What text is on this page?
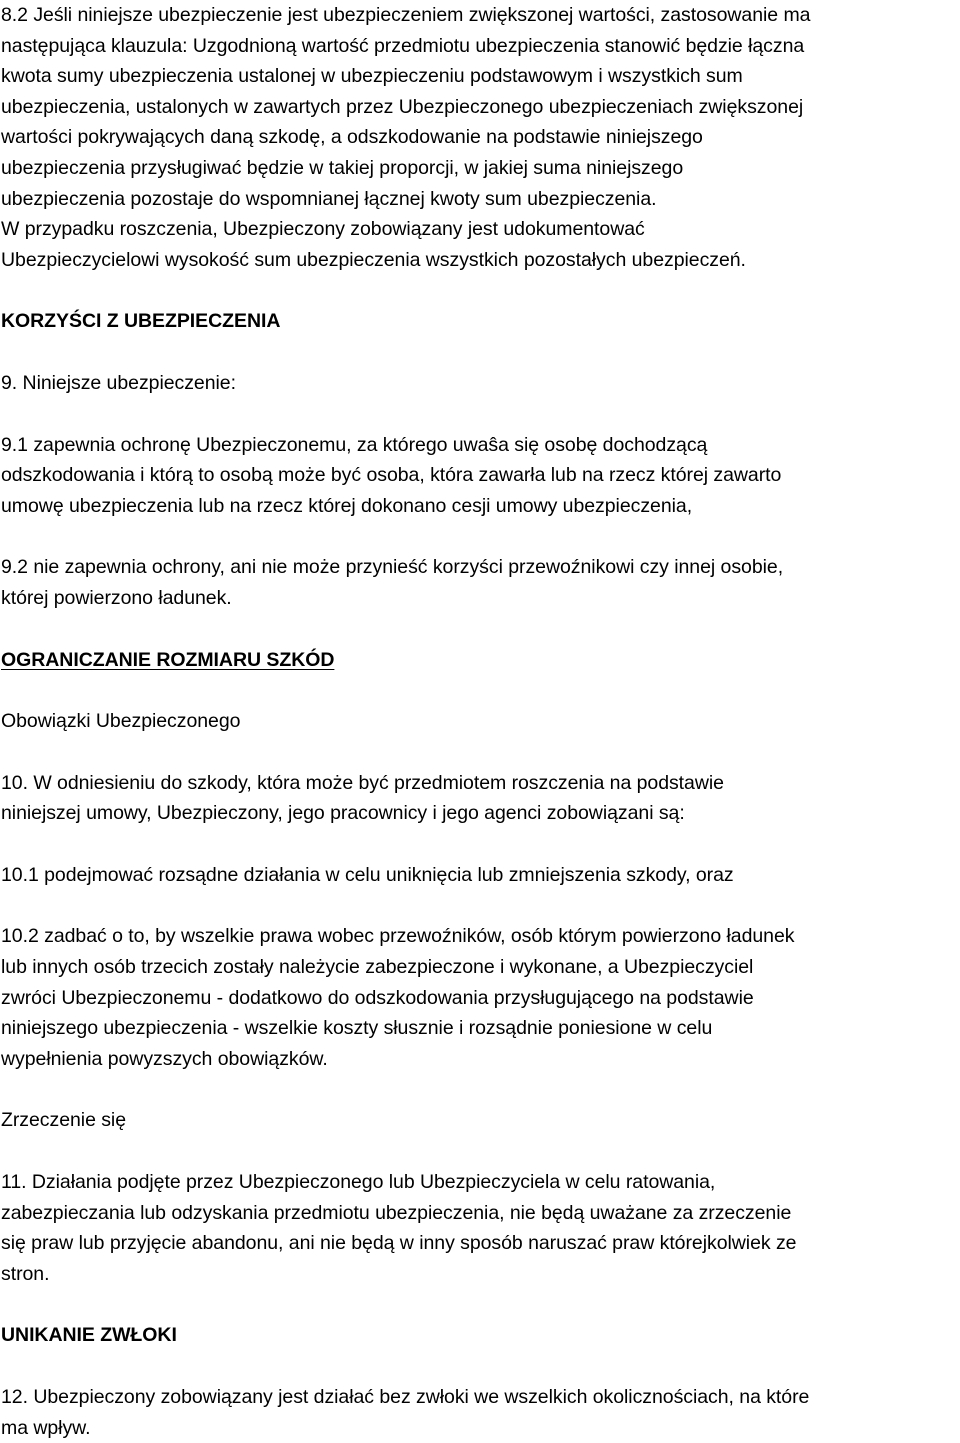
8.2 Jeśli niniejsze ubezpieczenie jest ubezpieczeniem zwiększonej wartości, zastosowanie ma
następująca klauzula: Uzgodnioną wartość przedmiotu ubezpieczenia stanowić będzie łączna
kwota sumy ubezpieczenia ustalonej w ubezpieczeniu podstawowym i wszystkich sum
ubezpieczenia, ustalonych w zawartych przez Ubezpieczonego ubezpieczeniach zwiększonej
wartości pokrywających daną szkodę, a odszkodowanie na podstawie niniejszego
ubezpieczenia przysługiwać będzie w takiej proporcji, w jakiej suma niniejszego
ubezpieczenia pozostaje do wspomnianej łącznej kwoty sum ubezpieczenia.
W przypadku roszczenia, Ubezpieczony zobowiązany jest udokumentować
Ubezpieczycielowi wysokość sum ubezpieczenia wszystkich pozostałych ubezpieczeń.
KORZYŚCI Z UBEZPIECZENIA
9. Niniejsze ubezpieczenie:
9.1 zapewnia ochronę Ubezpieczonemu, za którego uwaŝa się osobę dochodzącą
odszkodowania i którą to osobą może być osoba, która zawarła lub na rzecz której zawarto
umowę ubezpieczenia lub na rzecz której dokonano cesji umowy ubezpieczenia,
9.2 nie zapewnia ochrony, ani nie może przynieść korzyści przewoźnikowi czy innej osobie,
której powierzono ładunek.
OGRANICZANIE ROZMIARU SZKÓD
Obowiązki Ubezpieczonego
10. W odniesieniu do szkody, która może być przedmiotem roszczenia na podstawie
niniejszej umowy, Ubezpieczony, jego pracownicy i jego agenci zobowiązani są:
10.1 podejmować rozsądne działania w celu uniknięcia lub zmniejszenia szkody, oraz
10.2 zadbać o to, by wszelkie prawa wobec przewoźników, osób którym powierzono ładunek
lub innych osób trzecich zostały należycie zabezpieczone i wykonane, a Ubezpieczyciel
zwróci Ubezpieczonemu - dodatkowo do odszkodowania przysługującego na podstawie
niniejszego ubezpieczenia - wszelkie koszty słusznie i rozsądnie poniesione w celu
wypełnienia powyzszych obowiązków.
Zrzeczenie się
11. Działania podjęte przez Ubezpieczonego lub Ubezpieczyciela w celu ratowania,
zabezpieczania lub odzyskania przedmiotu ubezpieczenia, nie będą uważane za zrzeczenie
się praw lub przyjęcie abandonu, ani nie będą w inny sposób naruszać praw którejkolwiek ze
stron.
UNIKANIE ZWŁOKI
12. Ubezpieczony zobowiązany jest działać bez zwłoki we wszelkich okolicznościach, na które
ma wpływ.
